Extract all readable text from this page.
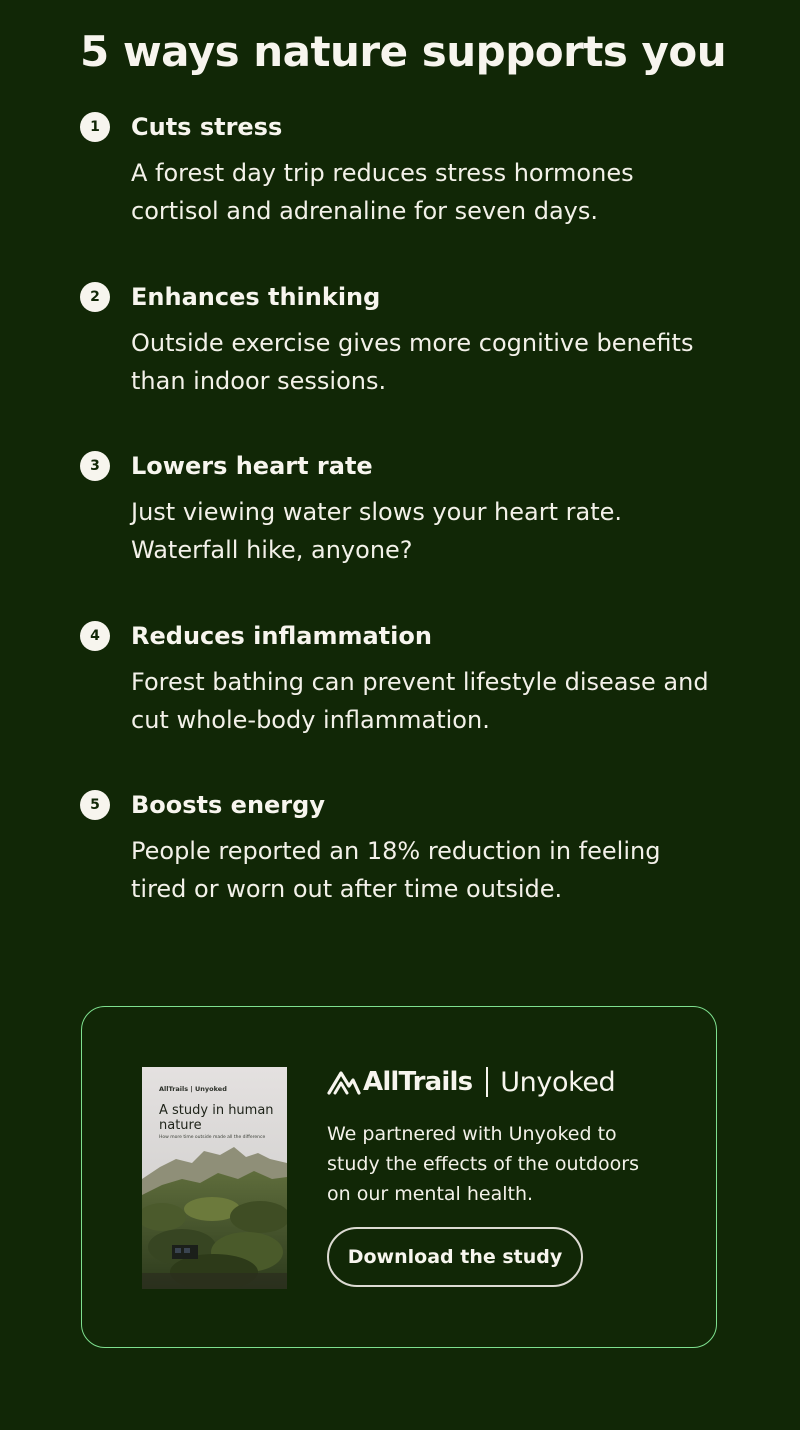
5 ways nature supports you
1	Cuts stress
A forest day trip reduces stress hormones cortisol and adrenaline for seven days.
2	Enhances thinking
Outside exercise gives more cognitive benefits than indoor sessions.
3	Lowers heart rate
Just viewing water slows your heart rate. Waterfall hike, anyone?
4	Reduces inflammation
Forest bathing can prevent lifestyle disease and cut whole-body inflammation.
5	Boosts energy
People reported an 18% reduction in feeling tired or worn out after time outside.
AllTrails | Unyoked
A study in human nature
How more time outside made all the difference
AllTrails Unyoked
We partnered with Unyoked to study the effects of the outdoors on our mental health.
Download the study
